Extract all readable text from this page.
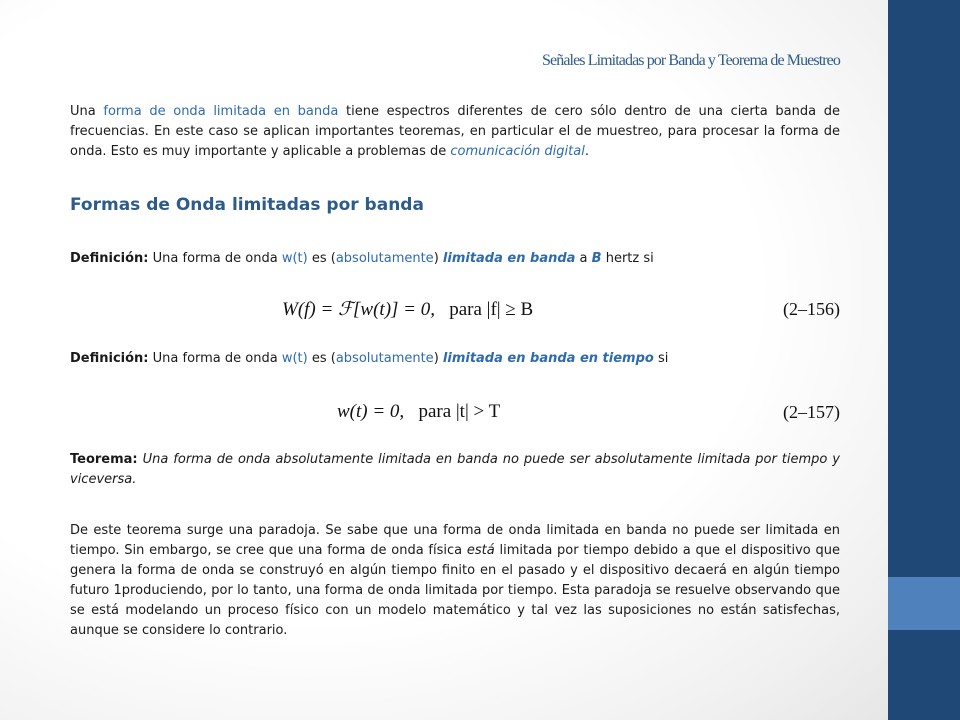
Señales Limitadas por Banda y Teorema de Muestreo
Una forma de onda limitada en banda tiene espectros diferentes de cero sólo dentro de una cierta banda de frecuencias. En este caso se aplican importantes teoremas, en particular el de muestreo, para procesar la forma de onda. Esto es muy importante y aplicable a problemas de comunicación digital.
Formas de Onda limitadas por banda
Definición: Una forma de onda w(t) es (absolutamente) limitada en banda a B hertz si
W(f) = ℱ[w(t)] = 0, para |f| ≥ B	(2–156)
Definición: Una forma de onda w(t) es (absolutamente) limitada en banda en tiempo si
w(t) = 0, para |t| > T	(2–157)
Teorema: Una forma de onda absolutamente limitada en banda no puede ser absolutamente limitada por tiempo y viceversa.
De este teorema surge una paradoja. Se sabe que una forma de onda limitada en banda no puede ser limitada en tiempo. Sin embargo, se cree que una forma de onda física está limitada por tiempo debido a que el dispositivo que genera la forma de onda se construyó en algún tiempo finito en el pasado y el dispositivo decaerá en algún tiempo futuro 1produciendo, por lo tanto, una forma de onda limitada por tiempo. Esta paradoja se resuelve observando que se está modelando un proceso físico con un modelo matemático y tal vez las suposiciones no están satisfechas, aunque se considere lo contrario.
